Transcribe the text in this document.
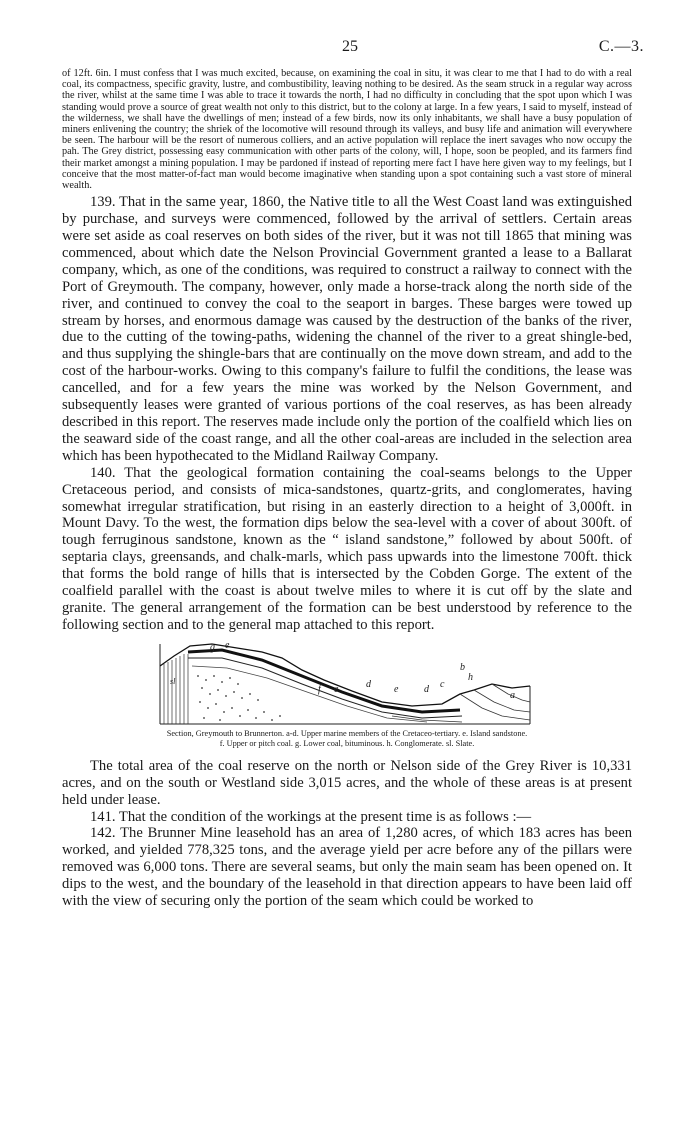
25	C.—3.

of 12ft. 6in. I must confess that I was much excited, because, on examining the coal in situ, it was clear to me that I had to do with a real coal, its compactness, specific gravity, lustre, and combustibility, leaving nothing to be desired. As the seam struck in a regular way across the river, whilst at the same time I was able to trace it towards the north, I had no difficulty in concluding that the spot upon which I was standing would prove a source of great wealth not only to this district, but to the colony at large. In a few years, I said to myself, instead of the wilderness, we shall have the dwellings of men; instead of a few birds, now its only inhabitants, we shall have a busy population of miners enlivening the country; the shriek of the locomotive will resound through its valleys, and busy life and animation will everywhere be seen. The harbour will be the resort of numerous colliers, and an active population will replace the inert savages who now occupy the pah. The Grey district, possessing easy communication with other parts of the colony, will, I hope, soon be peopled, and its farmers find their market amongst a mining population. I may be pardoned if instead of reporting mere fact I have here given way to my feelings, but I conceive that the most matter-of-fact man would become imaginative when standing upon a spot containing such a vast store of mineral wealth.

139. That in the same year, 1860, the Native title to all the West Coast land was extinguished by purchase, and surveys were commenced, followed by the arrival of settlers. Certain areas were set aside as coal reserves on both sides of the river, but it was not till 1865 that mining was commenced, about which date the Nelson Provincial Government granted a lease to a Ballarat company, which, as one of the conditions, was required to construct a railway to connect with the Port of Greymouth. The company, however, only made a horse-track along the north side of the river, and continued to convey the coal to the seaport in barges. These barges were towed up stream by horses, and enormous damage was caused by the destruction of the banks of the river, due to the cutting of the towing-paths, widening the channel of the river to a great shingle-bed, and thus supplying the shingle-bars that are continually on the move down stream, and add to the cost of the harbour-works. Owing to this company's failure to fulfil the conditions, the lease was cancelled, and for a few years the mine was worked by the Nelson Government, and subsequently leases were granted of various portions of the coal reserves, as has been already described in this report. The reserves made include only the portion of the coalfield which lies on the seaward side of the coast range, and all the other coal-areas are included in the selection area which has been hypothecated to the Midland Railway Company.

140. That the geological formation containing the coal-seams belongs to the Upper Cretaceous period, and consists of mica-sandstones, quartz-grits, and conglomerates, having somewhat irregular stratification, but rising in an easterly direction to a height of 3,000ft. in Mount Davy. To the west, the formation dips below the sea-level with a cover of about 300ft. of tough ferruginous sandstone, known as the “ island sandstone,” followed by about 500ft. of septaria clays, greensands, and chalk-marls, which pass upwards into the limestone 700ft. thick that forms the bold range of hills that is intersected by the Cobden Gorge. The extent of the coalfield parallel with the coast is about twelve miles to where it is cut off by the slate and granite. The general arrangement of the formation can be best understood by reference to the following section and to the general map attached to this report.

g e
sl
f e	d e	d c
b
a
h
Section, Greymouth to Brunnerton. a-d. Upper marine members of the Cretaceo-tertiary. e. Island sandstone.
f. Upper or pitch coal. g. Lower coal, bituminous. h. Conglomerate. sl. Slate.

The total area of the coal reserve on the north or Nelson side of the Grey River is 10,331 acres, and on the south or Westland side 3,015 acres, and the whole of these areas is at present held under lease.

141. That the condition of the workings at the present time is as follows :—

142. The Brunner Mine leasehold has an area of 1,280 acres, of which 183 acres has been worked, and yielded 778,325 tons, and the average yield per acre before any of the pillars were removed was 6,000 tons. There are several seams, but only the main seam has been opened on. It dips to the west, and the boundary of the leasehold in that direction appears to have been laid off with the view of securing only the portion of the seam which could be worked to
